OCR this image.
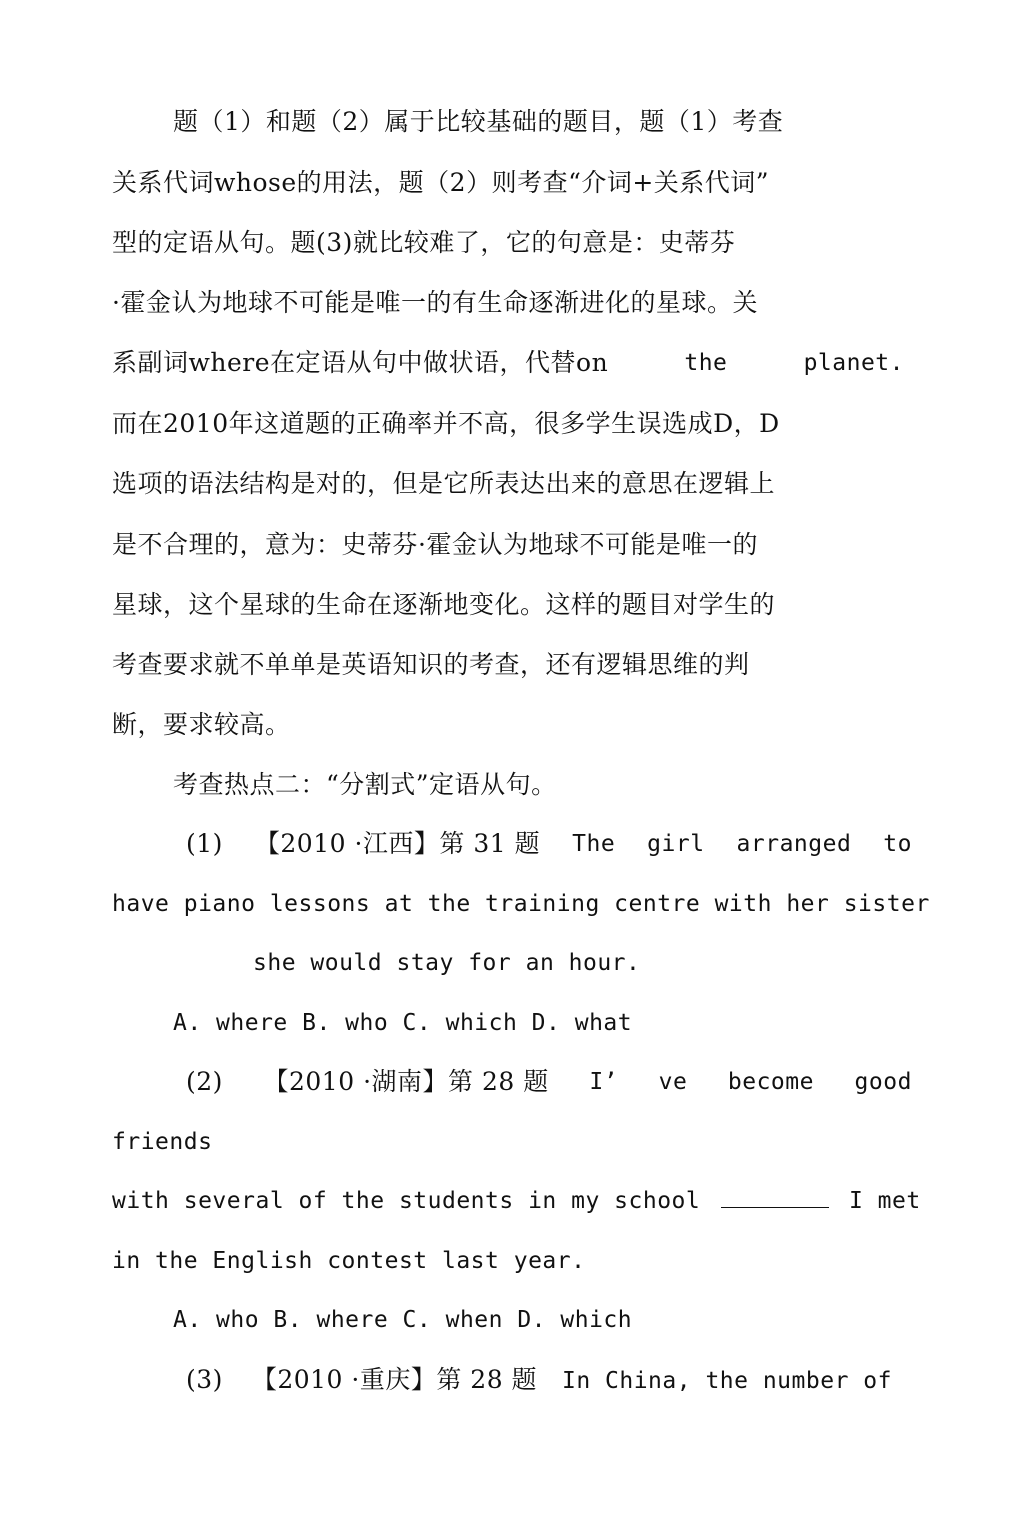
题（1）和题（2）属于比较基础的题目，题（1）考查
关系代词whose的用法，题（2）则考查“介词+关系代词”
型的定语从句。题(3)就比较难了，它的句意是：史蒂芬
·霍金认为地球不可能是唯一的有生命逐渐进化的星球。关
系副词where在定语从句中做状语，代替on	the	planet.
而在2010年这道题的正确率并不高，很多学生误选成D，D
选项的语法结构是对的，但是它所表达出来的意思在逻辑上
是不合理的，意为：史蒂芬·霍金认为地球不可能是唯一的
星球，这个星球的生命在逐渐地变化。这样的题目对学生的
考查要求就不单单是英语知识的考查，还有逻辑思维的判
断，要求较高。
考查热点二：“分割式”定语从句。
(1) 【2010 ·江西】第 31 题 The girl arranged to
have piano lessons at the training centre with her sister
she would stay for an hour.
A. where B. who C. which D. what
(2) 【2010 ·湖南】第 28 题 I’ ve become good
friends
with several of the students in my school	I met
in the English contest last year.
A. who B. where C. when D. which
(3) 【2010 ·重庆】第 28 题 In China, the number of
